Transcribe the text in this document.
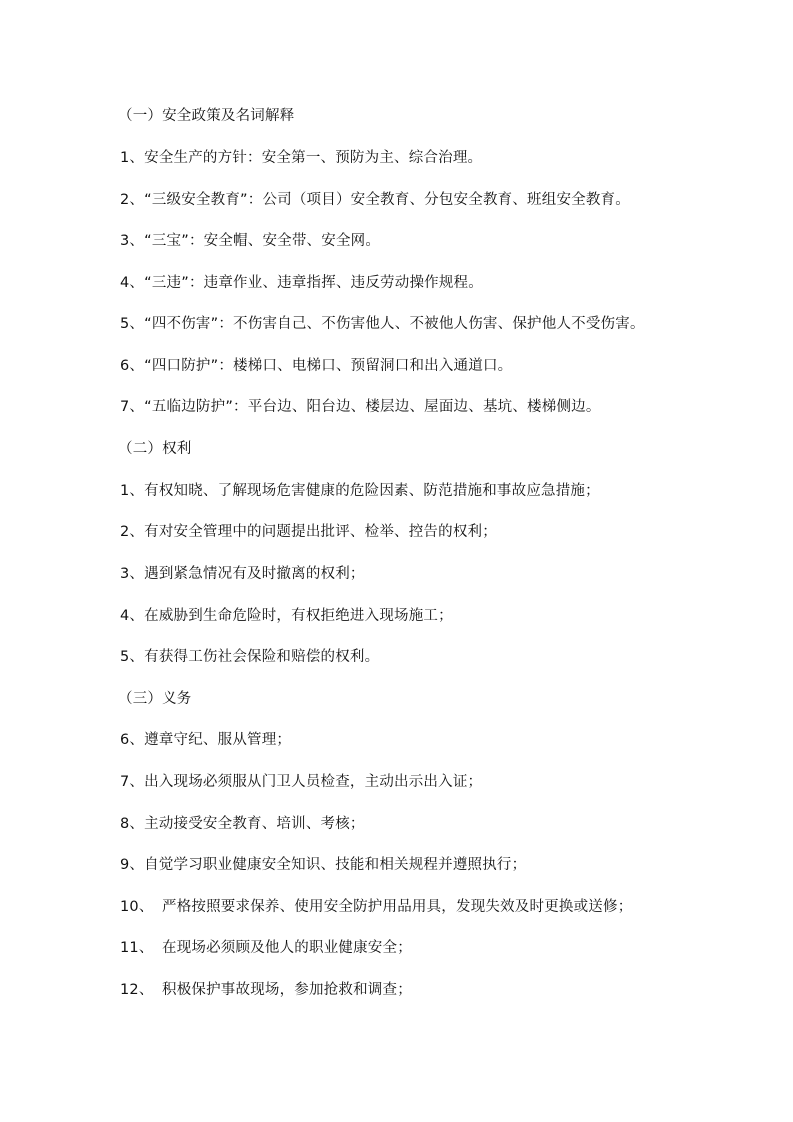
（一）安全政策及名词解释
1、安全生产的方针：安全第一、预防为主、综合治理。
2、“三级安全教育”：公司（项目）安全教育、分包安全教育、班组安全教育。
3、“三宝”：安全帽、安全带、安全网。
4、“三违”：违章作业、违章指挥、违反劳动操作规程。
5、“四不伤害”：不伤害自己、不伤害他人、不被他人伤害、保护他人不受伤害。
6、“四口防护”：楼梯口、电梯口、预留洞口和出入通道口。
7、“五临边防护”：平台边、阳台边、楼层边、屋面边、基坑、楼梯侧边。
（二）权利
1、有权知晓、了解现场危害健康的危险因素、防范措施和事故应急措施；
2、有对安全管理中的问题提出批评、检举、控告的权利；
3、遇到紧急情况有及时撤离的权利；
4、在威胁到生命危险时，有权拒绝进入现场施工；
5、有获得工伤社会保险和赔偿的权利。
（三）义务
6、遵章守纪、服从管理；
7、出入现场必须服从门卫人员检查，主动出示出入证；
8、主动接受安全教育、培训、考核；
9、自觉学习职业健康安全知识、技能和相关规程并遵照执行；
10、 严格按照要求保养、使用安全防护用品用具，发现失效及时更换或送修；
11、 在现场必须顾及他人的职业健康安全；
12、 积极保护事故现场，参加抢救和调查；
